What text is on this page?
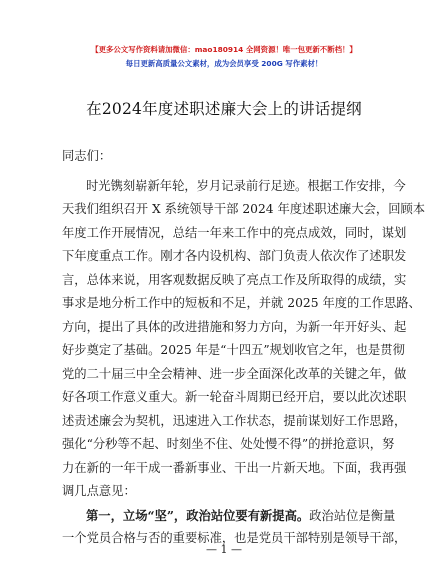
【更多公文写作资料请加微信：mao180914 全网资源！唯一包更新不断档！】
每日更新高质量公文素材，成为会员享受 200G 写作素材！
在2024年度述职述廉大会上的讲话提纲
同志们：
时光镌刻崭新年轮，岁月记录前行足迹。根据工作安排，今
天我们组织召开 X 系统领导干部 2024 年度述职述廉大会，回顾本
年度工作开展情况，总结一年来工作中的亮点成效，同时，谋划
下年度重点工作。刚才各内设机构、部门负责人依次作了述职发
言，总体来说，用客观数据反映了亮点工作及所取得的成绩，实
事求是地分析工作中的短板和不足，并就 2025 年度的工作思路、
方向，提出了具体的改进措施和努力方向，为新一年开好头、起
好步奠定了基础。2025 年是“十四五”规划收官之年，也是贯彻
党的二十届三中全会精神、进一步全面深化改革的关键之年，做
好各项工作意义重大。新一轮奋斗周期已经开启，要以此次述职
述责述廉会为契机，迅速进入工作状态，提前谋划好工作思路，
强化“分秒等不起、时刻坐不住、处处慢不得”的拼抢意识，努
力在新的一年干成一番新事业、干出一片新天地。下面，我再强
调几点意见：
第一，立场“坚”，政治站位要有新提高。政治站位是衡量
一个党员合格与否的重要标准，也是党员干部特别是领导干部，
— 1 —
